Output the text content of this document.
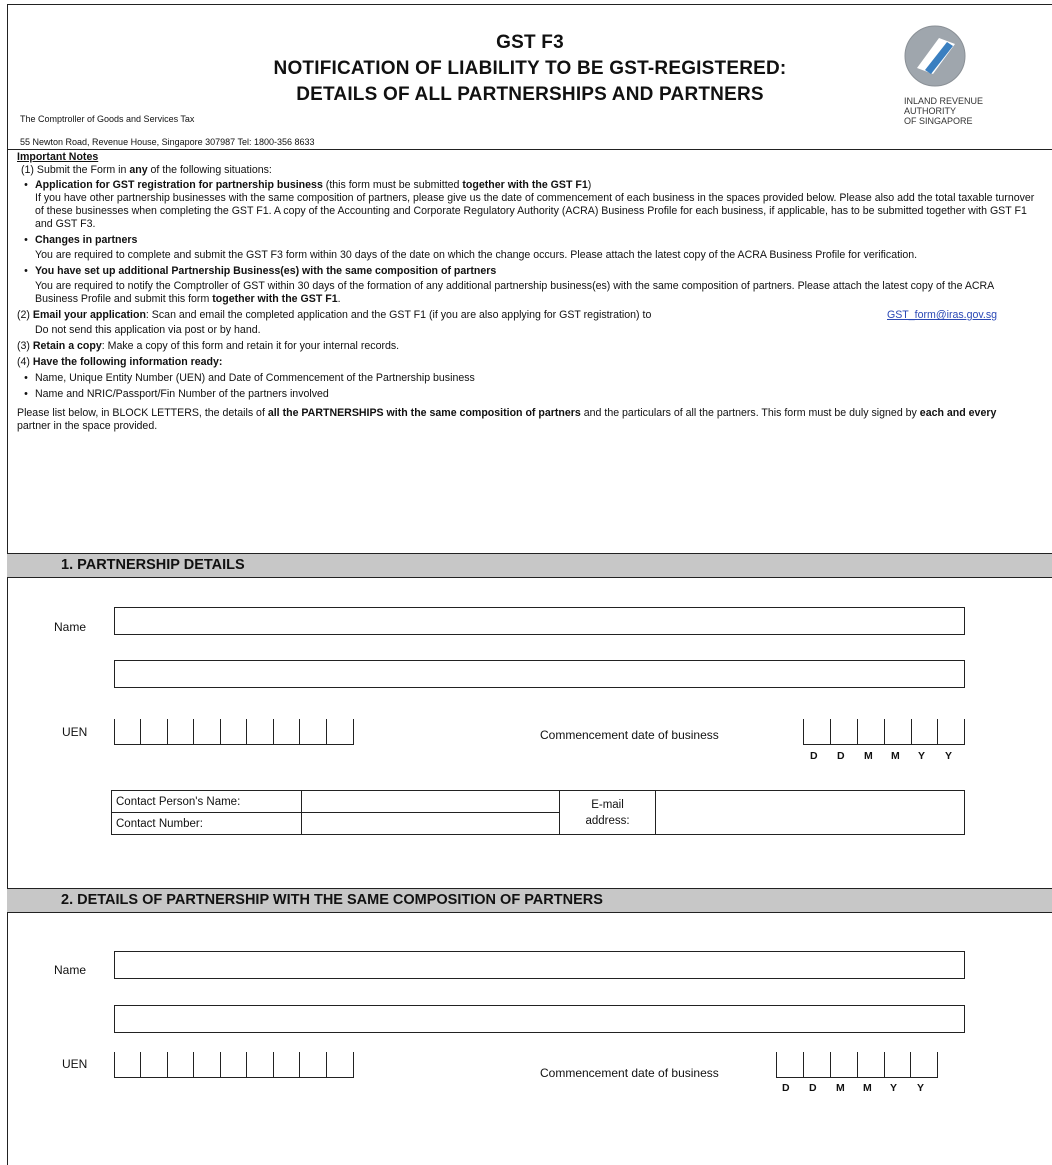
GST F3
NOTIFICATION OF LIABILITY TO BE GST-REGISTERED:
DETAILS OF ALL PARTNERSHIPS AND PARTNERS
The Comptroller of Goods and Services Tax
55 Newton Road, Revenue House, Singapore 307987 Tel: 1800-356 8633
INLAND REVENUE
AUTHORITY
OF SINGAPORE
Important Notes
(1) Submit the Form in any of the following situations:
• Application for GST registration for partnership business (this form must be submitted together with the GST F1)
If you have other partnership businesses with the same composition of partners, please give us the date of commencement of each business in the spaces provided below. Please also add the total taxable turnover of these businesses when completing the GST F1. A copy of the Accounting and Corporate Regulatory Authority (ACRA) Business Profile for each business, if applicable, has to be submitted together with GST F1 and GST F3.
• Changes in partners
You are required to complete and submit the GST F3 form within 30 days of the date on which the change occurs. Please attach the latest copy of the ACRA Business Profile for verification.
• You have set up additional Partnership Business(es) with the same composition of partners
You are required to notify the Comptroller of GST within 30 days of the formation of any additional partnership business(es) with the same composition of partners. Please attach the latest copy of the ACRA Business Profile and submit this form together with the GST F1.
(2) Email your application: Scan and email the completed application and the GST F1 (if you are also applying for GST registration) to	GST_form@iras.gov.sg
Do not send this application via post or by hand.
(3) Retain a copy: Make a copy of this form and retain it for your internal records.
(4) Have the following information ready:
• Name, Unique Entity Number (UEN) and Date of Commencement of the Partnership business
• Name and NRIC/Passport/Fin Number of the partners involved
Please list below, in BLOCK LETTERS, the details of all the PARTNERSHIPS with the same composition of partners and the particulars of all the partners. This form must be duly signed by each and every partner in the space provided.
1. PARTNERSHIP DETAILS
Name
UEN	Commencement date of business
D D M M Y Y
Contact Person's Name:		E-mail
address:	
Contact Number:			
2. DETAILS OF PARTNERSHIP WITH THE SAME COMPOSITION OF PARTNERS
Name
UEN
Commencement date of business
D D M M Y Y
